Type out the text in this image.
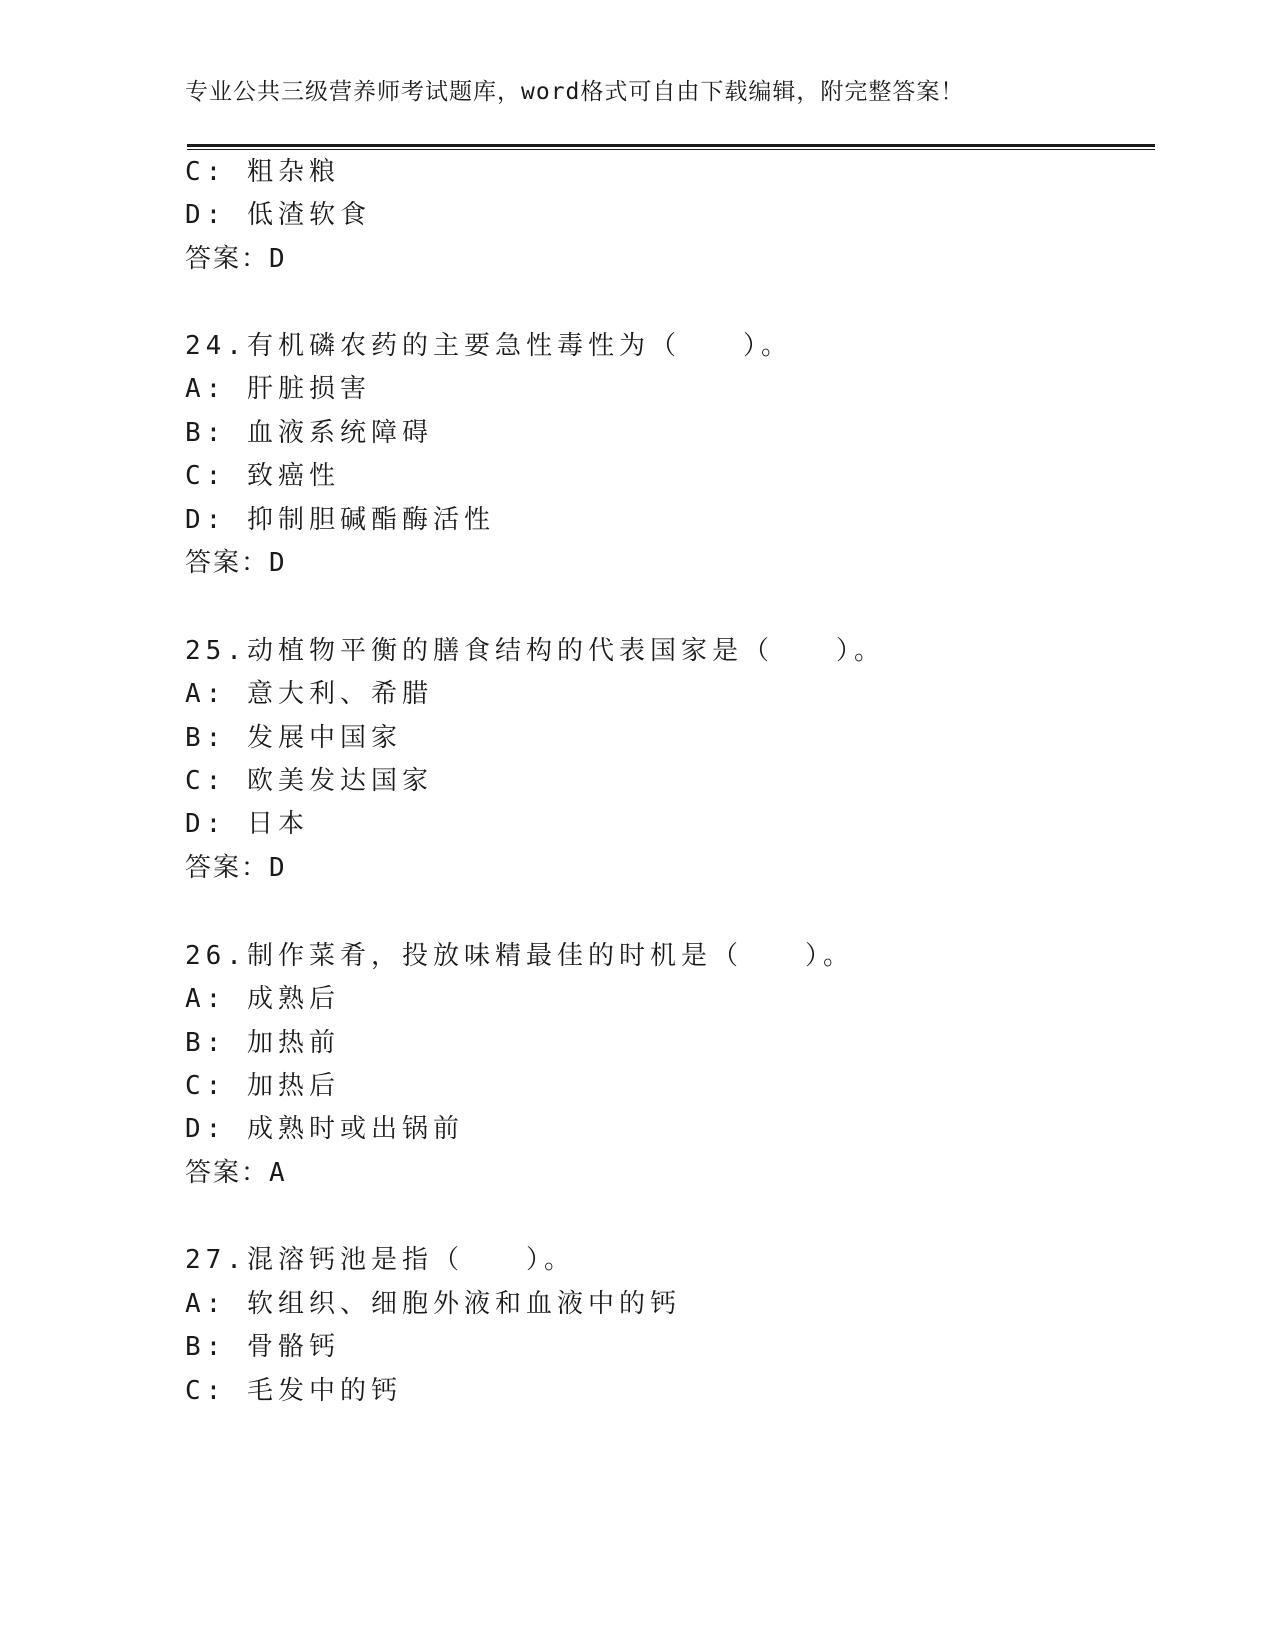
专业公共三级营养师考试题库，word格式可自由下载编辑，附完整答案！
C: 粗杂粮
D: 低渣软食
答案：D
24.有机磷农药的主要急性毒性为（　　）。
A: 肝脏损害
B: 血液系统障碍
C: 致癌性
D: 抑制胆碱酯酶活性
答案：D
25.动植物平衡的膳食结构的代表国家是（　　）。
A: 意大利、希腊
B: 发展中国家
C: 欧美发达国家
D: 日本
答案：D
26.制作菜肴，投放味精最佳的时机是（　　）。
A: 成熟后
B: 加热前
C: 加热后
D: 成熟时或出锅前
答案：A
27.混溶钙池是指（　　）。
A: 软组织、细胞外液和血液中的钙
B: 骨骼钙
C: 毛发中的钙
